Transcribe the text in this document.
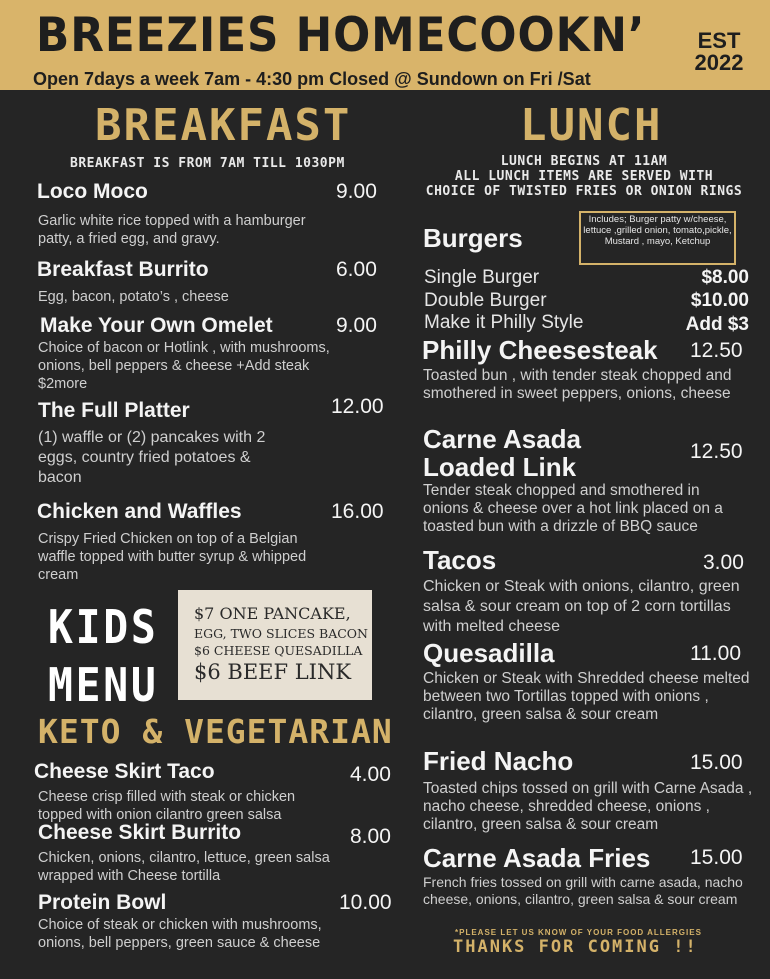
BREEZIES HOMECOOKN’	EST
2022
Open 7days a week 7am - 4:30 pm Closed @ Sundown on Fri /Sat
BREAKFAST
BREAKFAST IS FROM 7AM TILL 1030PM
Loco Moco	9.00
Garlic white rice topped with a hamburger patty, a fried egg, and gravy.
Breakfast Burrito	6.00
Egg, bacon, potato’s , cheese
Make Your Own Omelet	9.00
Choice of bacon or Hotlink , with mushrooms, onions, bell peppers & cheese +Add steak $2more
The Full Platter	12.00
(1) waffle or (2) pancakes with 2 eggs, country fried potatoes & bacon
Chicken and Waffles	16.00
Crispy Fried Chicken on top of a Belgian waffle topped with butter syrup & whipped cream
KIDS
MENU
$7 ONE PANCAKE,
EGG, TWO SLICES BACON
$6 CHEESE QUESADILLA
$6 BEEF LINK
KETO & VEGETARIAN
Cheese Skirt Taco	4.00
Cheese crisp filled with steak or chicken topped with onion cilantro green salsa
Cheese Skirt Burrito	8.00
Chicken, onions, cilantro, lettuce, green salsa wrapped with Cheese tortilla
Protein Bowl	10.00
Choice of steak or chicken with mushrooms, onions, bell peppers, green sauce & cheese
LUNCH
LUNCH BEGINS AT 11AM
ALL LUNCH ITEMS ARE SERVED WITH
CHOICE OF TWISTED FRIES OR ONION RINGS
Burgers
Includes; Burger patty w/cheese, lettuce ,grilled onion, tomato,pickle, Mustard , mayo, Ketchup
Single Burger	$8.00
Double Burger	$10.00
Make it Philly Style	Add $3
Philly Cheesesteak 12.50
Toasted bun , with tender steak chopped and smothered in sweet peppers, onions, cheese
Carne Asada
Loaded Link
12.50
Tender steak chopped and smothered in onions & cheese over a hot link placed on a toasted bun with a drizzle of BBQ sauce
Tacos	3.00
Chicken or Steak with onions, cilantro, green salsa & sour cream on top of 2 corn tortillas with melted cheese
Quesadilla	11.00
Chicken or Steak with Shredded cheese melted between two Tortillas topped with onions , cilantro, green salsa & sour cream
Fried Nacho	15.00
Toasted chips tossed on grill with Carne Asada , nacho cheese, shredded cheese, onions , cilantro, green salsa & sour cream
Carne Asada Fries 15.00
French fries tossed on grill with carne asada, nacho cheese, onions, cilantro, green salsa & sour cream
*PLEASE LET US KNOW OF YOUR FOOD ALLERGIES
THANKS FOR COMING !!
